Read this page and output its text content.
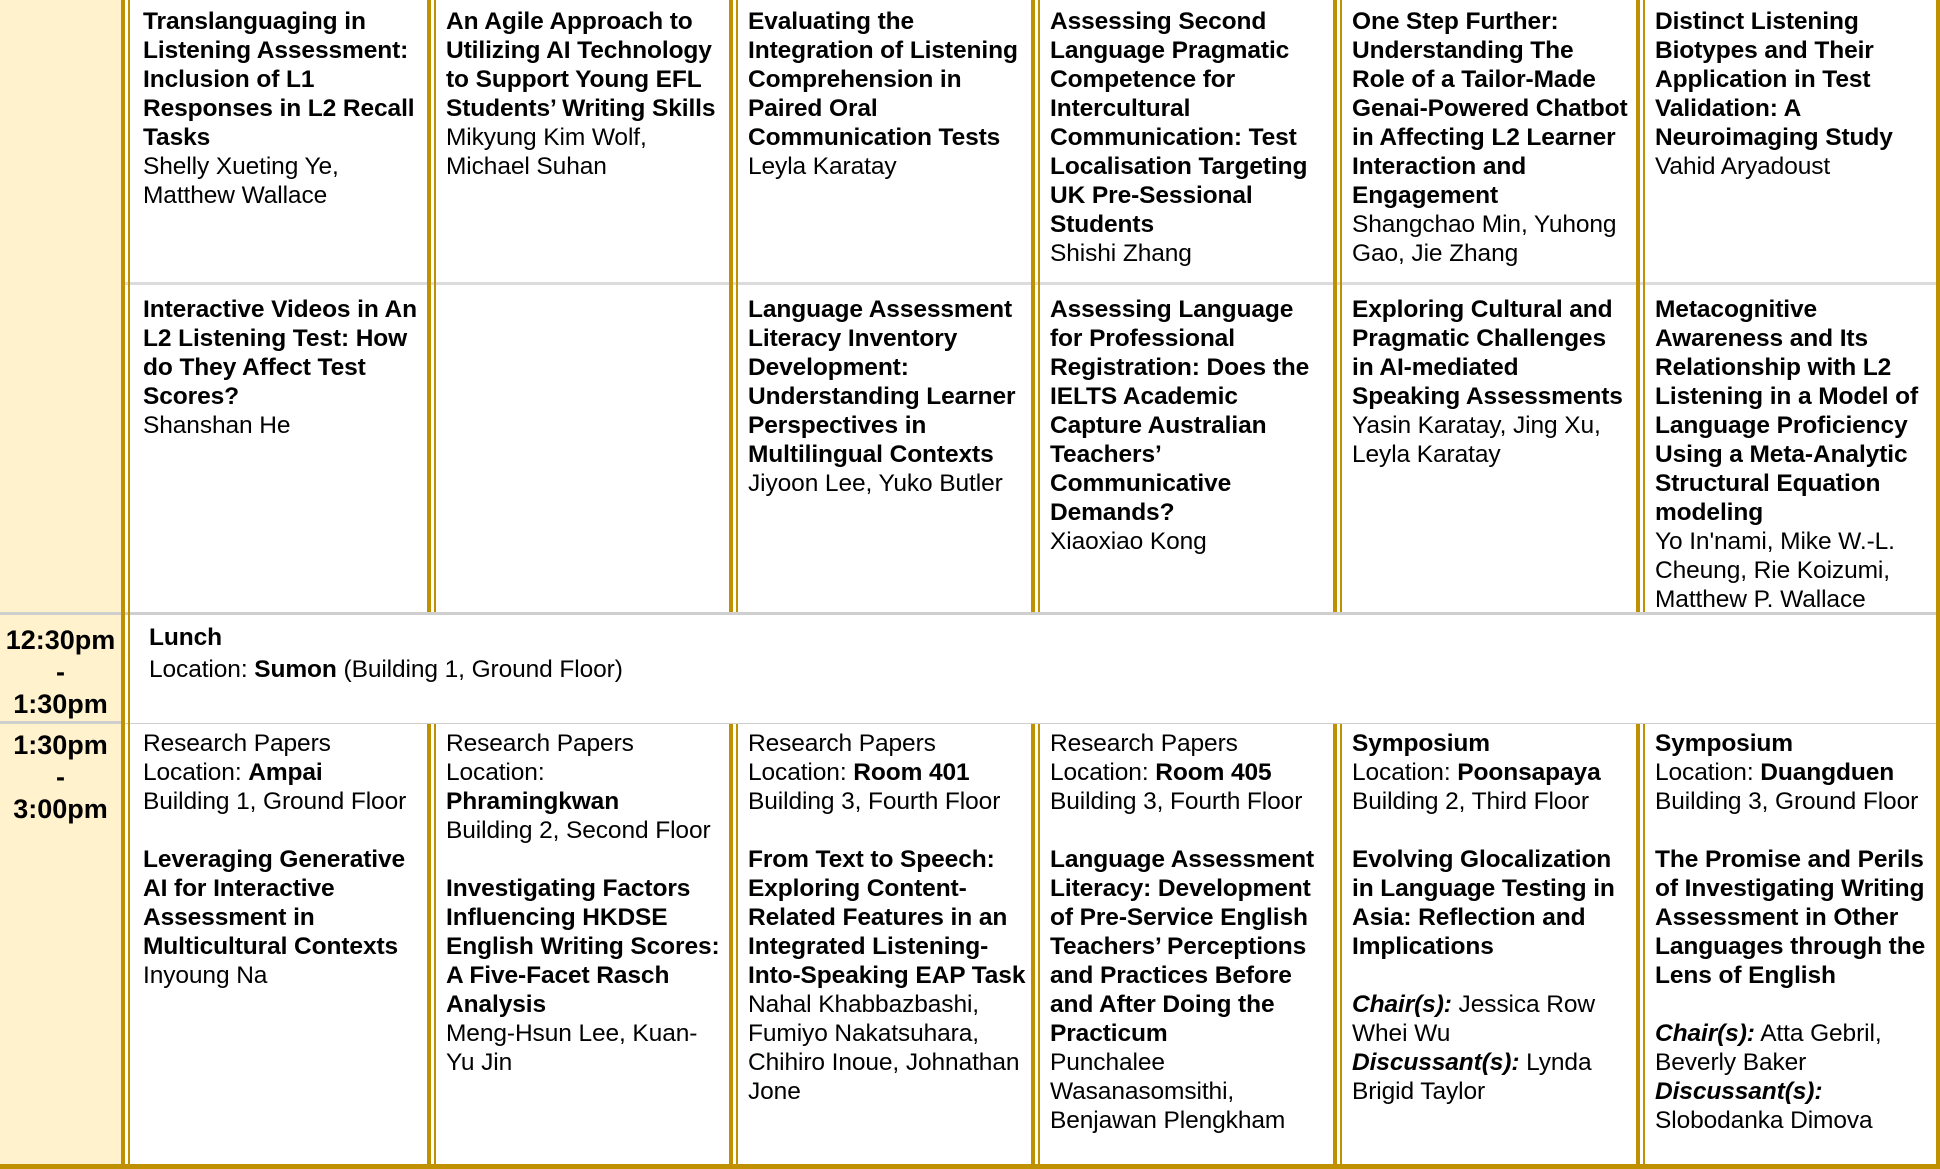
Translanguaging in Listening Assessment: Inclusion of L1 Responses in L2 Recall Tasks
Shelly Xueting Ye, Matthew Wallace
An Agile Approach to Utilizing AI Technology to Support Young EFL Students’ Writing Skills
Mikyung Kim Wolf, Michael Suhan
Evaluating the Integration of Listening Comprehension in Paired Oral Communication Tests
Leyla Karatay
Assessing Second Language Pragmatic Competence for Intercultural Communication: Test Localisation Targeting UK Pre-Sessional Students
Shishi Zhang
One Step Further: Understanding The Role of a Tailor-Made Genai-Powered Chatbot in Affecting L2 Learner Interaction and Engagement
Shangchao Min, Yuhong Gao, Jie Zhang
Distinct Listening Biotypes and Their Application in Test Validation: A Neuroimaging Study
Vahid Aryadoust
Interactive Videos in An L2 Listening Test: How do They Affect Test Scores?
Shanshan He
Language Assessment Literacy Inventory Development: Understanding Learner Perspectives in Multilingual Contexts
Jiyoon Lee, Yuko Butler
Assessing Language for Professional Registration: Does the IELTS Academic Capture Australian Teachers’ Communicative Demands?
Xiaoxiao Kong
Exploring Cultural and Pragmatic Challenges in AI-mediated Speaking Assessments
Yasin Karatay, Jing Xu, Leyla Karatay
Metacognitive Awareness and Its Relationship with L2 Listening in a Model of Language Proficiency Using a Meta-Analytic Structural Equation modeling
Yo In'nami, Mike W.-L. Cheung, Rie Koizumi, Matthew P. Wallace
12:30pm
-
1:30pm
Lunch
Location: Sumon (Building 1, Ground Floor)
1:30pm
-
3:00pm
Research Papers
Location: Ampai
Building 1, Ground Floor
Leveraging Generative AI for Interactive Assessment in Multicultural Contexts
Inyoung Na
Research Papers
Location: Phramingkwan
Building 2, Second Floor
Investigating Factors Influencing HKDSE English Writing Scores: A Five-Facet Rasch Analysis
Meng-Hsun Lee, Kuan-Yu Jin
Research Papers
Location: Room 401
Building 3, Fourth Floor
From Text to Speech: Exploring Content-Related Features in an Integrated Listening-Into-Speaking EAP Task
Nahal Khabbazbashi, Fumiyo Nakatsuhara, Chihiro Inoue, Johnathan Jone
Research Papers
Location: Room 405
Building 3, Fourth Floor
Language Assessment Literacy: Development of Pre-Service English Teachers’ Perceptions and Practices Before and After Doing the Practicum
Punchalee Wasanasomsithi, Benjawan Plengkham
Symposium
Location: Poonsapaya
Building 2, Third Floor
Evolving Glocalization in Language Testing in Asia: Reflection and Implications
Chair(s): Jessica Row Whei Wu
Discussant(s): Lynda Brigid Taylor
Symposium
Location: Duangduen
Building 3, Ground Floor
The Promise and Perils of Investigating Writing Assessment in Other Languages through the Lens of English
Chair(s): Atta Gebril, Beverly Baker
Discussant(s): Slobodanka Dimova
